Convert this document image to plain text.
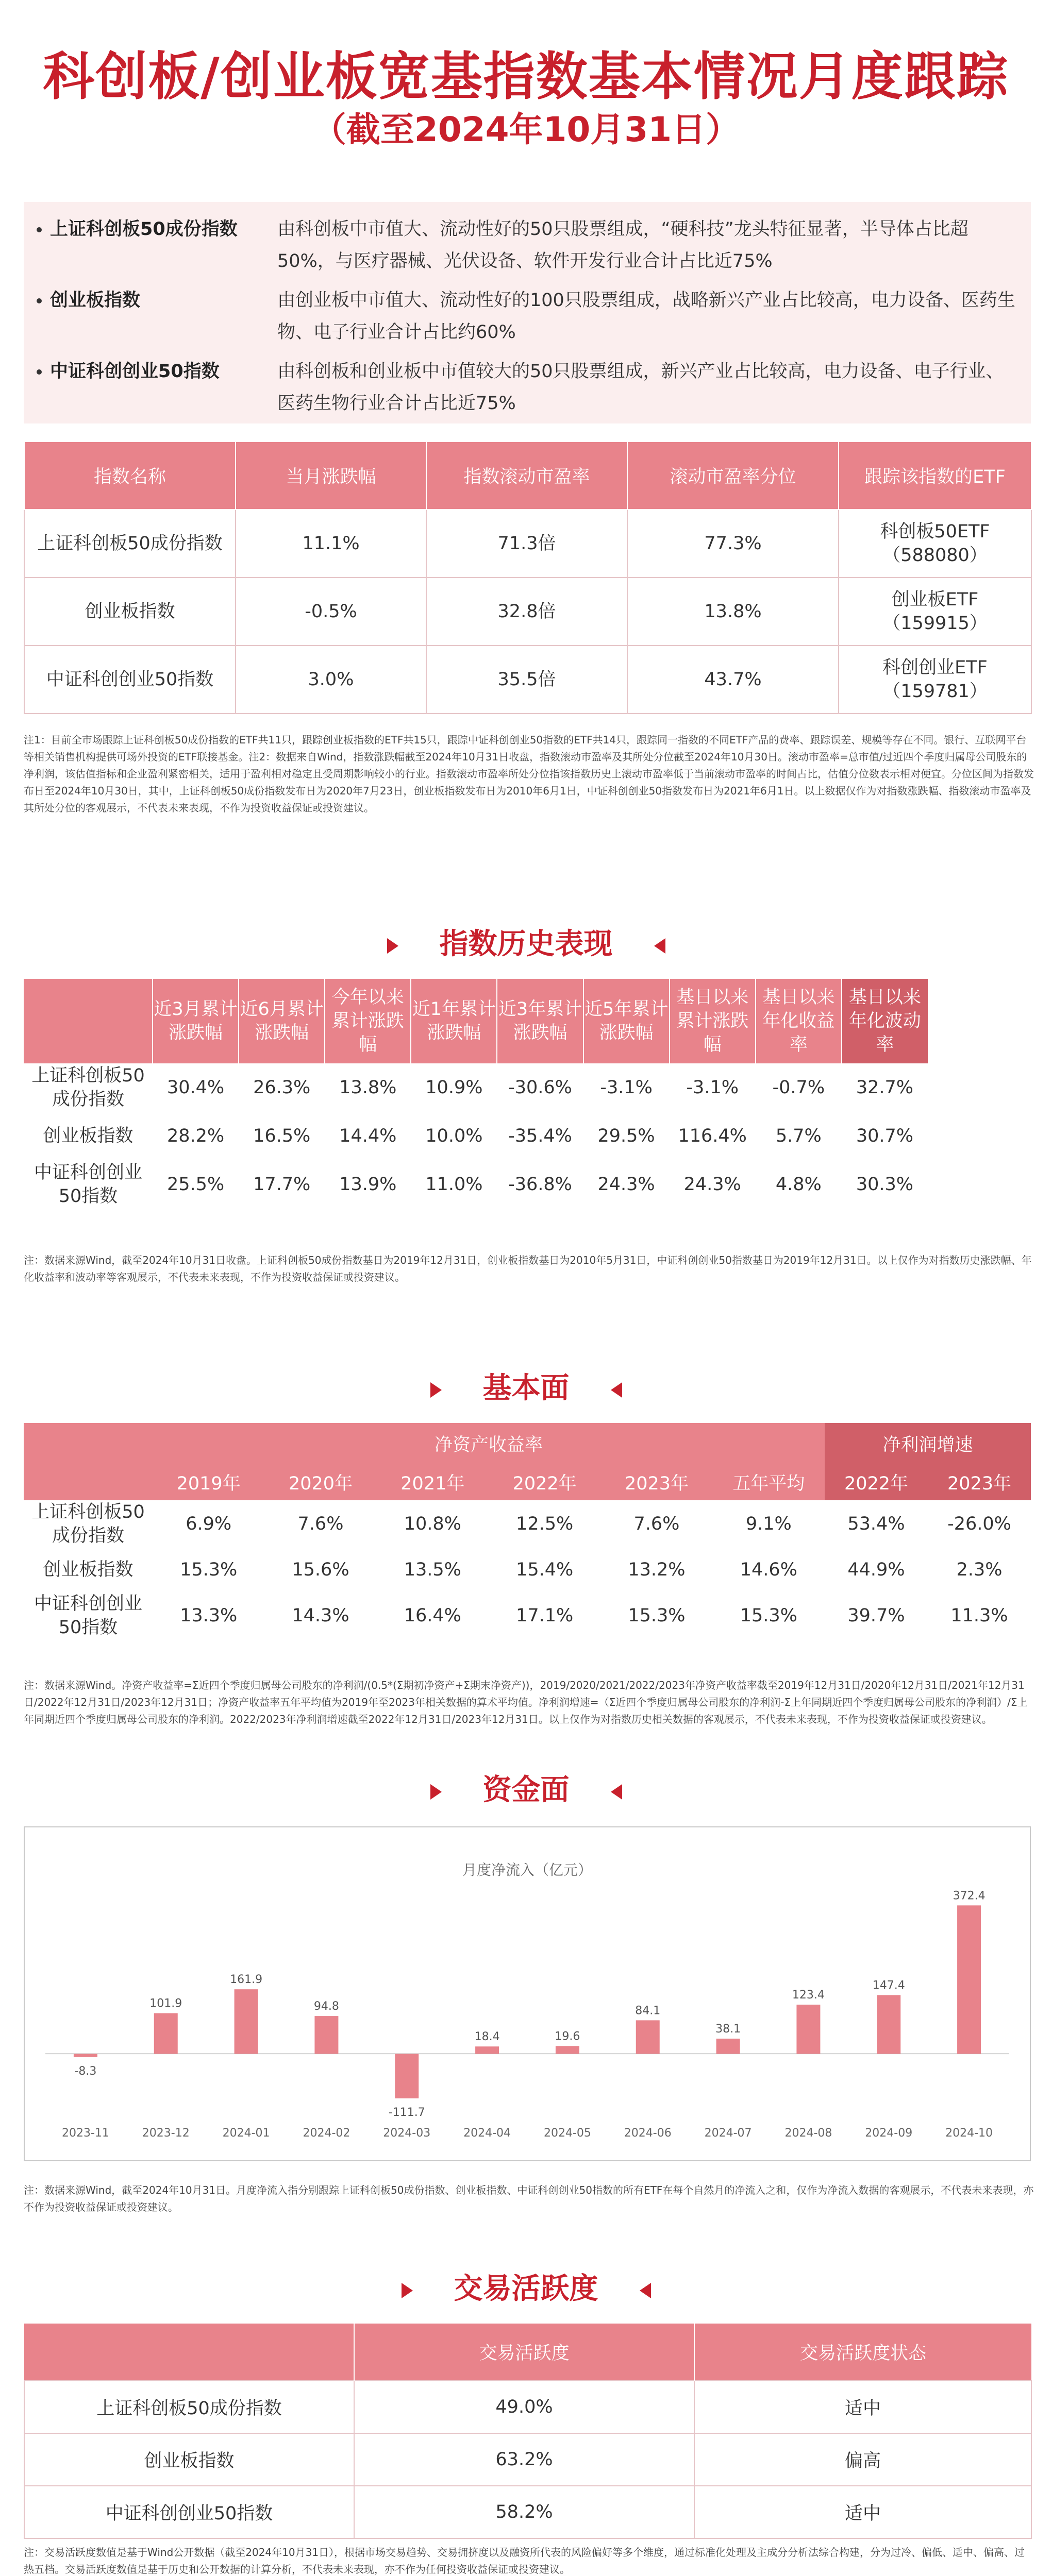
科创板/创业板宽基指数基本情况月度跟踪
（截至2024年10月31日）
上证科创板50成份指数 由科创板中市值大、流动性好的50只股票组成，“硬科技”龙头特征显著，半导体占比超50%，与医疗器械、光伏设备、软件开发行业合计占比近75%
创业板指数	由创业板中市值大、流动性好的100只股票组成，战略新兴产业占比较高，电力设备、医药生物、电子行业合计占比约60%
中证科创创业50指数	由科创板和创业板中市值较大的50只股票组成，新兴产业占比较高，电力设备、电子行业、医药生物行业合计占比近75%
指数名称	当月涨跌幅	指数滚动市盈率	滚动市盈率分位	跟踪该指数的ETF
上证科创板50成份指数	11.1%	71.3倍	77.3%	科创板50ETF
（588080）

创业板指数	-0.5%	32.8倍	13.8%	创业板ETF
（159915）

中证科创创业50指数	3.0%	35.5倍	43.7%	科创创业ETF
（159781）
注1：目前全市场跟踪上证科创板50成份指数的ETF共11只，跟踪创业板指数的ETF共15只，跟踪中证科创创业50指数的ETF共14只，跟踪同一指数的不同ETF产品的费率、跟踪误差、规模等存在不同。银行、互联网平台等相关销售机构提供可场外投资的ETF联接基金。注2：数据来自Wind，指数涨跌幅截至2024年10月31日收盘，指数滚动市盈率及其所处分位截至2024年10月30日。滚动市盈率=总市值/过近四个季度归属母公司股东的净利润，该估值指标和企业盈利紧密相关，适用于盈利相对稳定且受周期影响较小的行业。指数滚动市盈率所处分位指该指数历史上滚动市盈率低于当前滚动市盈率的时间占比，估值分位数表示相对便宜。分位区间为指数发布日至2024年10月30日，其中，上证科创板50成份指数发布日为2020年7月23日，创业板指数发布日为2010年6月1日，中证科创创业50指数发布日为2021年6月1日。以上数据仅作为对指数涨跌幅、指数滚动市盈率及其所处分位的客观展示，不代表未来表现，不作为投资收益保证或投资建议。
指数历史表现
	近3月累计涨跌幅	近6月累计涨跌幅	今年以来累计涨跌幅	近1年累计涨跌幅	近3年累计涨跌幅	近5年累计涨跌幅	基日以来累计涨跌幅	基日以来年化收益率	基日以来年化波动率
上证科创板50成份指数	30.4%	26.3%	13.8%	10.9%	-30.6%	-3.1%	-3.1%	-0.7%	32.7%
创业板指数	28.2%	16.5%	14.4%	10.0%	-35.4%	29.5%	116.4%	5.7%	30.7%
中证科创创业50指数	25.5%	17.7%	13.9%	11.0%	-36.8%	24.3%	24.3%	4.8%	30.3%
注：数据来源Wind，截至2024年10月31日收盘。上证科创板50成份指数基日为2019年12月31日，创业板指数基日为2010年5月31日，中证科创创业50指数基日为2019年12月31日。以上仅作为对指数历史涨跌幅、年化收益率和波动率等客观展示，不代表未来表现，不作为投资收益保证或投资建议。
基本面
	净资产收益率						净利润增速	
	2019年	2020年	2021年	2022年	2023年	五年平均	2022年	2023年
上证科创板50成份指数	6.9%	7.6%	10.8%	12.5%	7.6%	9.1%	53.4%	-26.0%
创业板指数	15.3%	15.6%	13.5%	15.4%	13.2%	14.6%	44.9%	2.3%
中证科创创业50指数	13.3%	14.3%	16.4%	17.1%	15.3%	15.3%	39.7%	11.3%
注：数据来源Wind。净资产收益率=Σ近四个季度归属母公司股东的净利润/(0.5*(Σ期初净资产+Σ期末净资产))，2019/2020/2021/2022/2023年净资产收益率截至2019年12月31日/2020年12月31日/2021年12月31日/2022年12月31日/2023年12月31日；净资产收益率五年平均值为2019年至2023年相关数据的算术平均值。净利润增速=（Σ近四个季度归属母公司股东的净利润-Σ上年同期近四个季度归属母公司股东的净利润）/Σ上年同期近四个季度归属母公司股东的净利润。2022/2023年净利润增速截至2022年12月31日/2023年12月31日。以上仅作为对指数历史相关数据的客观展示，不代表未来表现，不作为投资收益保证或投资建议。
资金面
月度净流入（亿元）
-8.3
2023-11
101.9
2023-12
161.9
2024-01
94.8
2024-02
-111.7
2024-03
18.4
2024-04
19.6
2024-05
84.1
2024-06
38.1
2024-07
123.4
2024-08
147.4
2024-09
372.4
2024-10
注：数据来源Wind，截至2024年10月31日。月度净流入指分别跟踪上证科创板50成份指数、创业板指数、中证科创创业50指数的所有ETF在每个自然月的净流入之和，仅作为净流入数据的客观展示，不代表未来表现，亦不作为投资收益保证或投资建议。
交易活跃度
	交易活跃度	交易活跃度状态
上证科创板50成份指数	49.0%	适中
创业板指数	63.2%	偏高
中证科创创业50指数	58.2%	适中
注：交易活跃度数值是基于Wind公开数据（截至2024年10月31日），根据市场交易趋势、交易拥挤度以及融资所代表的风险偏好等多个维度，通过标准化处理及主成分分析法综合构建，分为过冷、偏低、适中、偏高、过热五档。交易活跃度数值是基于历史和公开数据的计算分析，不代表未来表现，亦不作为任何投资收益保证或投资建议。
